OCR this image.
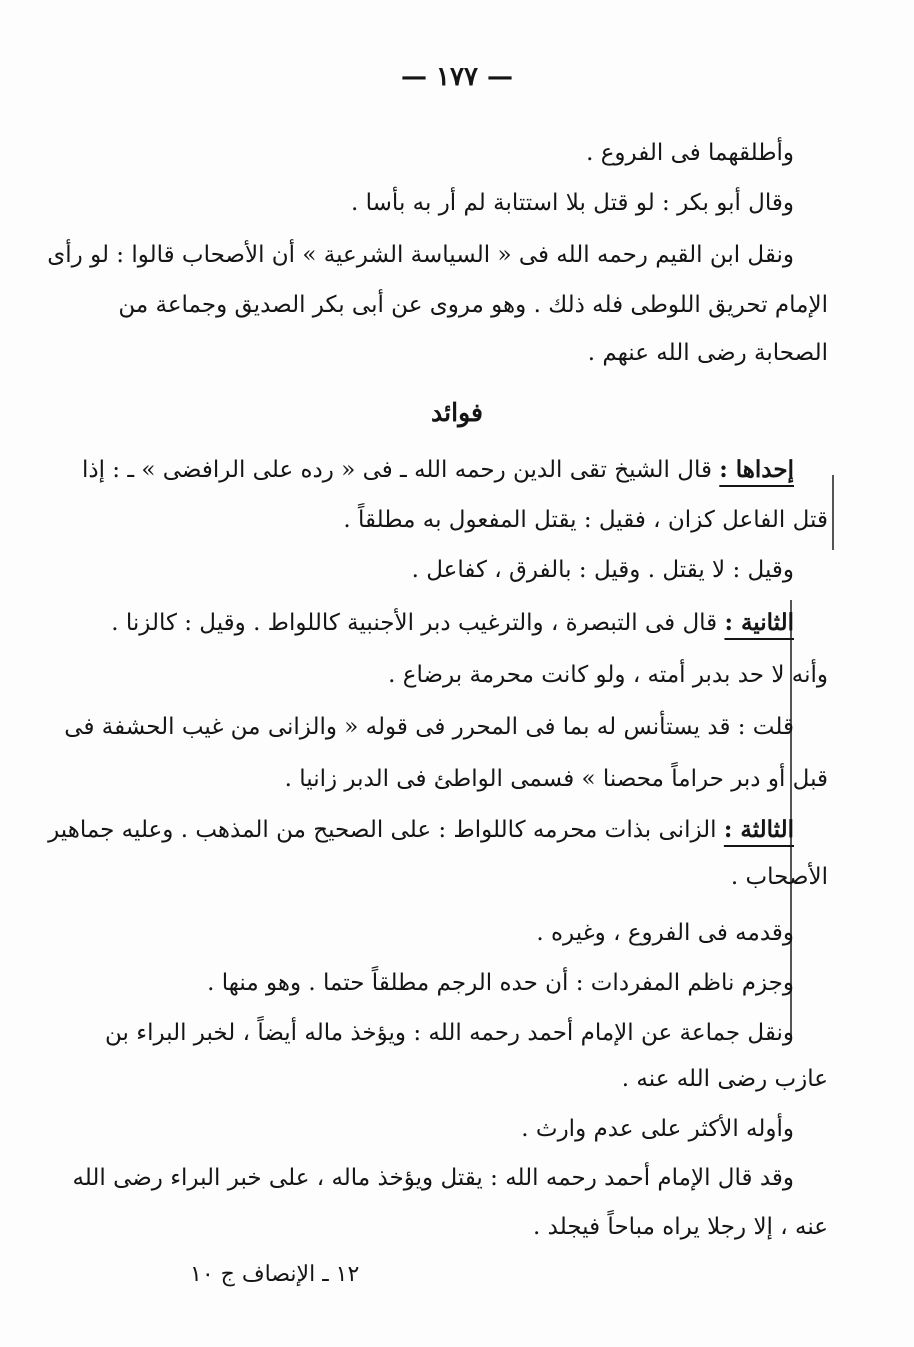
— ١٧٧ —
وأطلقهما فى الفروع .
وقال أبو بكر : لو قتل بلا استتابة لم أر به بأسا .
ونقل ابن القيم رحمه الله فى « السياسة الشرعية » أن الأصحاب قالوا : لو رأى
الإمام تحريق اللوطى فله ذلك . وهو مروى عن أبى بكر الصديق وجماعة من
الصحابة رضى الله عنهم .
فوائد
إحداها : قال الشيخ تقى الدين رحمه الله ـ فى « رده على الرافضى » ـ : إذا
قتل الفاعل كزان ، فقيل : يقتل المفعول به مطلقاً .
وقيل : لا يقتل . وقيل : بالفرق ، كفاعل .
الثانية : قال فى التبصرة ، والترغيب دبر الأجنبية كاللواط . وقيل : كالزنا .
وأنه لا حد بدبر أمته ، ولو كانت محرمة برضاع .
قلت : قد يستأنس له بما فى المحرر فى قوله « والزانى من غيب الحشفة فى
قبل أو دبر حراماً محصنا » فسمى الواطئ فى الدبر زانيا .
الثالثة : الزانى بذات محرمه كاللواط : على الصحيح من المذهب . وعليه جماهير
الأصحاب .
وقدمه فى الفروع ، وغيره .
وجزم ناظم المفردات : أن حده الرجم مطلقاً حتما . وهو منها .
ونقل جماعة عن الإمام أحمد رحمه الله : ويؤخذ ماله أيضاً ، لخبر البراء بن
عازب رضى الله عنه .
وأوله الأكثر على عدم وارث .
وقد قال الإمام أحمد رحمه الله : يقتل ويؤخذ ماله ، على خبر البراء رضى الله
عنه ، إلا رجلا يراه مباحاً فيجلد .
١٢ ـ الإنصاف ج ١٠
